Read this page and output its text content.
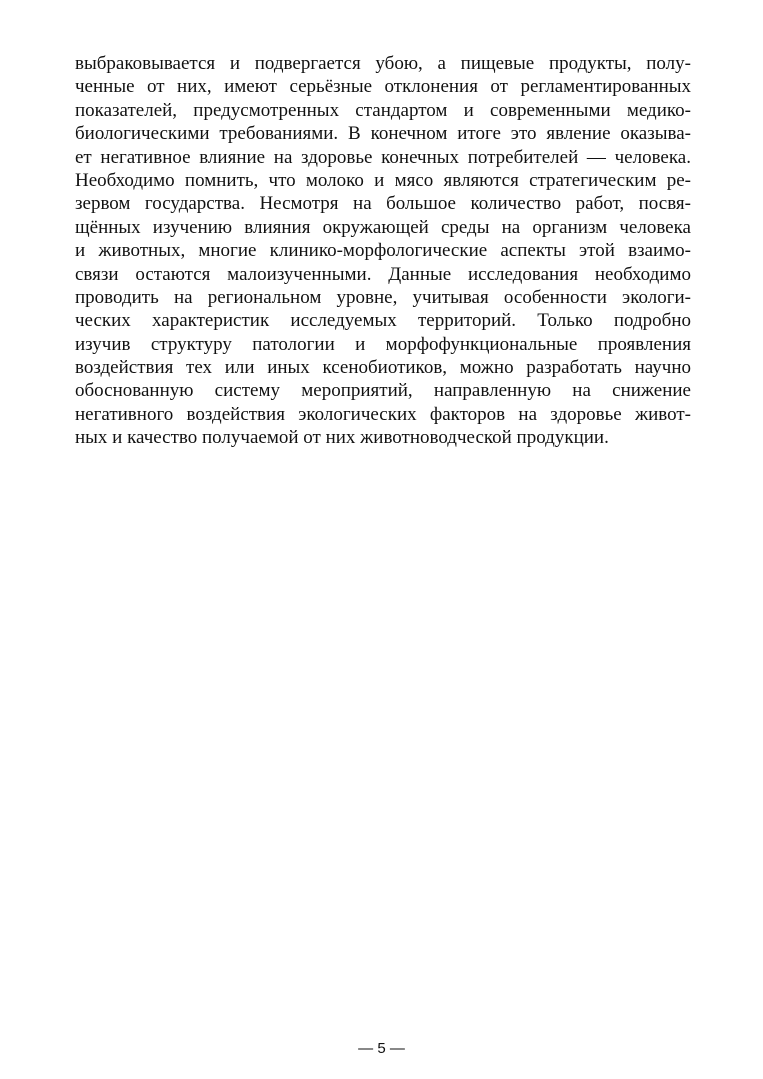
выбраковывается и подвергается убою, а пищевые продукты, полу-
ченные от них, имеют серьёзные отклонения от регламентированных
показателей, предусмотренных стандартом и современными медико-
биологическими требованиями. В конечном итоге это явление оказыва-
ет негативное влияние на здоровье конечных потребителей — человека.
Необходимо помнить, что молоко и мясо являются стратегическим ре-
зервом государства. Несмотря на большое количество работ, посвя-
щённых изучению влияния окружающей среды на организм человека
и животных, многие клинико-морфологические аспекты этой взаимо-
связи остаются малоизученными. Данные исследования необходимо
проводить на региональном уровне, учитывая особенности экологи-
ческих характеристик исследуемых территорий. Только подробно
изучив структуру патологии и морфофункциональные проявления
воздействия тех или иных ксенобиотиков, можно разработать научно
обоснованную систему мероприятий, направленную на снижение
негативного воздействия экологических факторов на здоровье живот-
ных и качество получаемой от них животноводческой продукции.
— 5 —
